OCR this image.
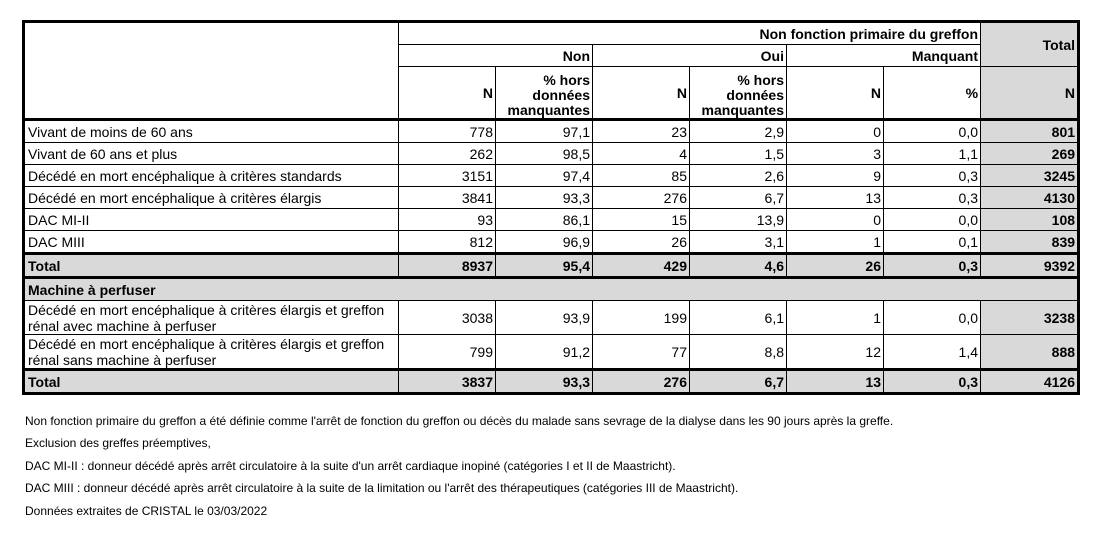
	Non fonction primaire du greffon						Total
	Non		Oui		Manquant		
	N	% hors données manquantes	N	% hors données manquantes	N	%	N
Vivant de moins de 60 ans	778	97,1	23	2,9	0	0,0	801
Vivant de 60 ans et plus	262	98,5	4	1,5	3	1,1	269
Décédé en mort encéphalique à critères standards	3151	97,4	85	2,6	9	0,3	3245
Décédé en mort encéphalique à critères élargis	3841	93,3	276	6,7	13	0,3	4130
DAC MI-II	93	86,1	15	13,9	0	0,0	108
DAC MIII	812	96,9	26	3,1	1	0,1	839
Total	8937	95,4	429	4,6	26	0,3	9392
Machine à perfuser							
Décédé en mort encéphalique à critères élargis et greffon rénal avec machine à perfuser	3038	93,9	199	6,1	1	0,0	3238
Décédé en mort encéphalique à critères élargis et greffon rénal sans machine à perfuser	799	91,2	77	8,8	12	1,4	888
Total	3837	93,3	276	6,7	13	0,3	4126
Non fonction primaire du greffon a été définie comme l'arrêt de fonction du greffon ou décès du malade sans sevrage de la dialyse dans les 90 jours après la greffe.
Exclusion des greffes préemptives,
DAC MI-II : donneur décédé après arrêt circulatoire à la suite d'un arrêt cardiaque inopiné (catégories I et II de Maastricht).
DAC MIII : donneur décédé après arrêt circulatoire à la suite de la limitation ou l'arrêt des thérapeutiques (catégories III de Maastricht).
Données extraites de CRISTAL le 03/03/2022
